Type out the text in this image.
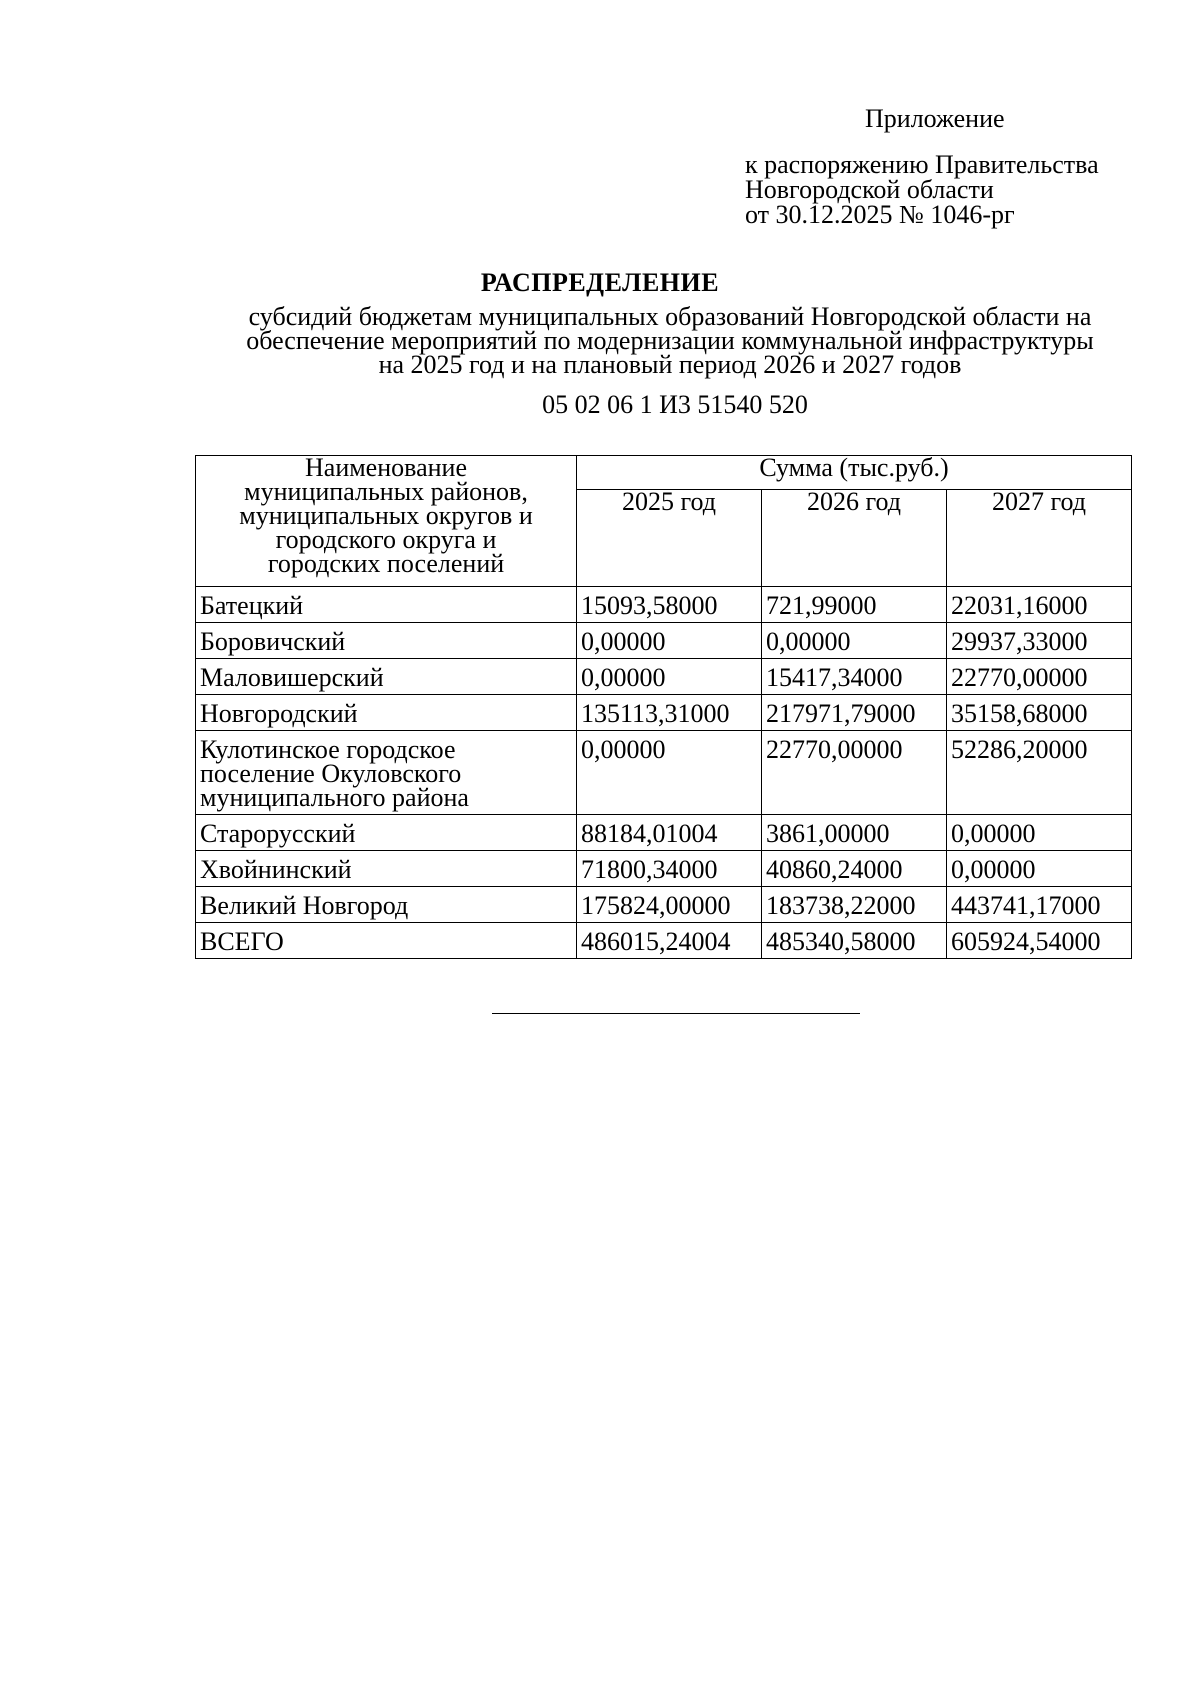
Приложение
к распоряжению Правительства
Новгородской области
от 30.12.2025 № 1046-рг
РАСПРЕДЕЛЕНИЕ
субсидий бюджетам муниципальных образований Новгородской области на
обеспечение мероприятий по модернизации коммунальной инфраструктуры
на 2025 год и на плановый период 2026 и 2027 годов
05 02 06 1 И3 51540 520
Наименование
муниципальных районов,
муниципальных округов и
городского округа и
городских поселений	Сумма (тыс.руб.)		
	2025 год	2026 год	2027 год
Батецкий	15093,58000	721,99000	22031,16000
Боровичский	0,00000	0,00000	29937,33000
Маловишерский	0,00000	15417,34000	22770,00000
Новгородский	135113,31000	217971,79000	35158,68000

Кулотинское городское
поселение Окуловского
муниципального района	0,00000	22770,00000	52286,20000
Старорусский	88184,01004	3861,00000	0,00000
Хвойнинский	71800,34000	40860,24000	0,00000
Великий Новгород	175824,00000	183738,22000	443741,17000
ВСЕГО	486015,24004	485340,58000	605924,54000
